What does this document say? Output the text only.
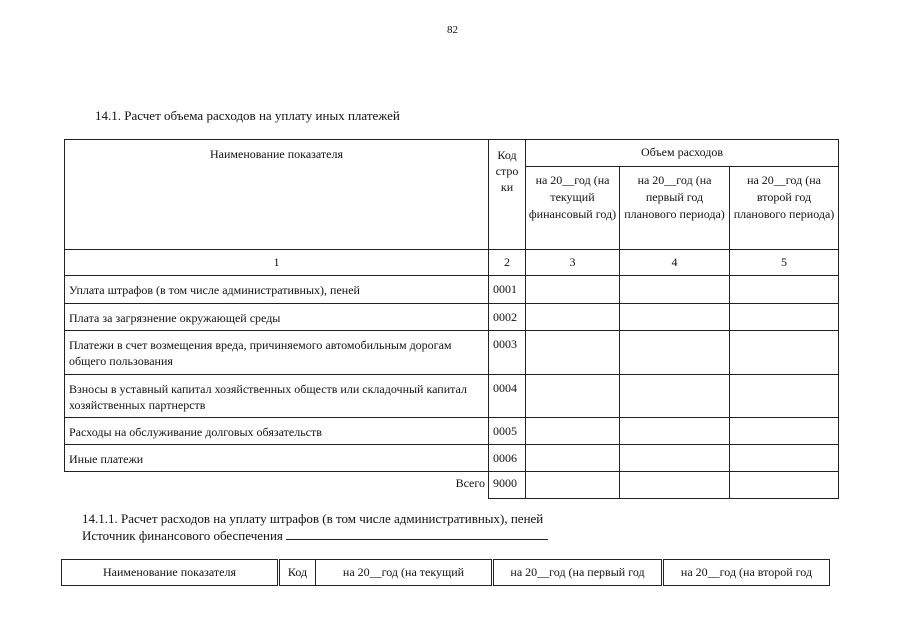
82
14.1. Расчет объема расходов на уплату иных платежей
Наименование показателя	Код строки	Объем расходов		
		на 20__год (на текущий финансовый год)	на 20__год (на первый год планового периода)	на 20__год (на второй год планового периода)
1	2	3	4	5
Уплата штрафов (в том числе административных), пеней	0001			
Плата за загрязнение окружающей среды	0002			
Платежи в счет возмещения вреда, причиняемого автомобильным дорогам общего пользования	0003			
Взносы в уставный капитал хозяйственных обществ или складочный капитал хозяйственных партнерств	0004			
Расходы на обслуживание долговых обязательств	0005			
Иные платежи	0006			
Всего	9000			
14.1.1. Расчет расходов на уплату штрафов (в том числе административных), пеней
Источник финансового обеспечения
Наименование показателя	Код	на 20__год (на текущий	на 20__год (на первый год	на 20__год (на второй год
